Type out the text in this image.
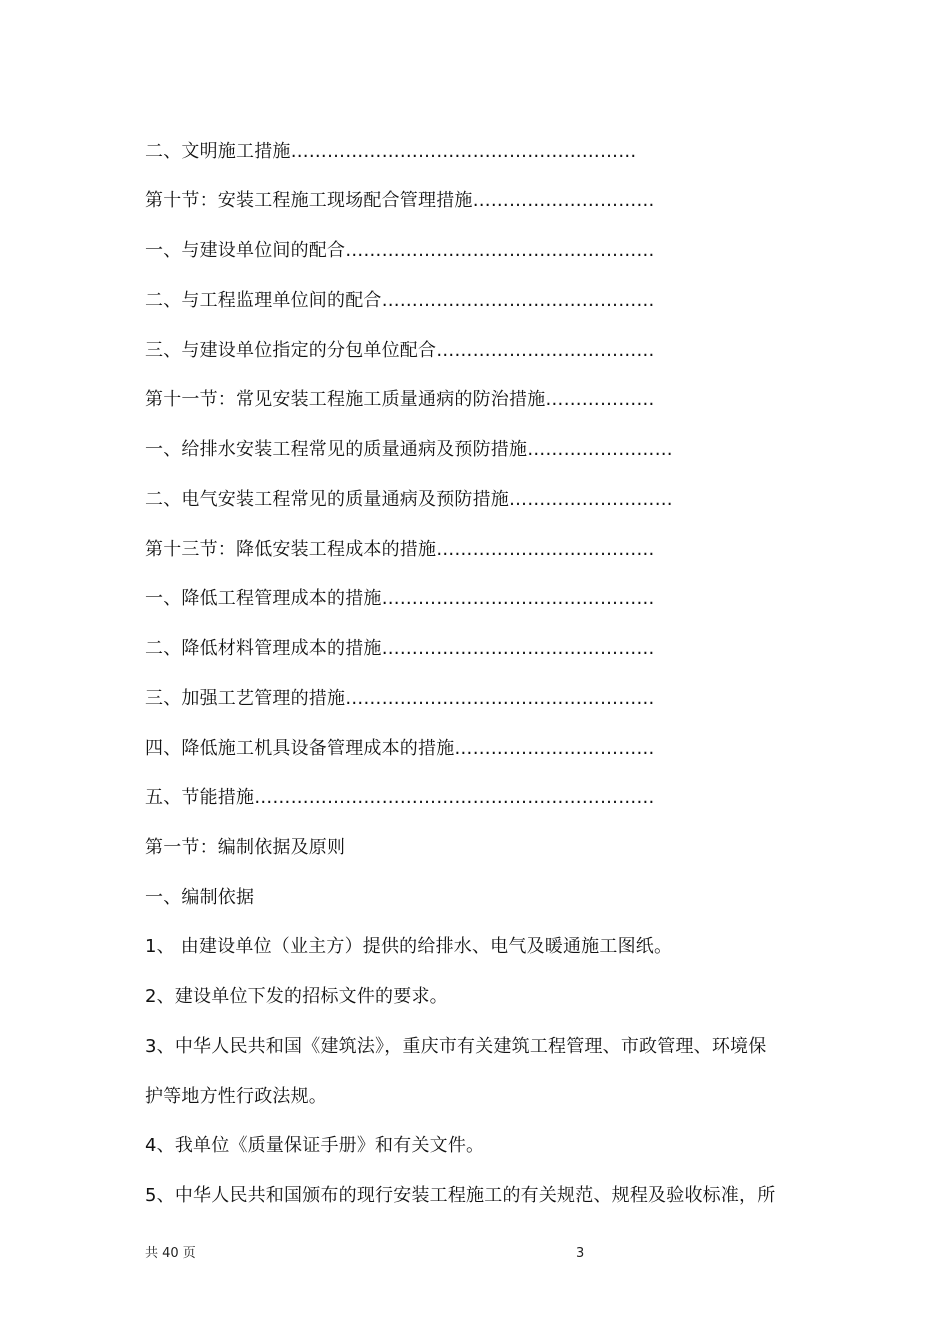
二、文明施工措施…………………………………………………
第十节：安装工程施工现场配合管理措施…………………………
一、与建设单位间的配合……………………………………………
二、与工程监理单位间的配合………………………………………
三、与建设单位指定的分包单位配合………………………………
第十一节：常见安装工程施工质量通病的防治措施………………
一、给排水安装工程常见的质量通病及预防措施……………………
二、电气安装工程常见的质量通病及预防措施………………………
第十三节：降低安装工程成本的措施………………………………
一、降低工程管理成本的措施………………………………………
二、降低材料管理成本的措施………………………………………
三、加强工艺管理的措施……………………………………………
四、降低施工机具设备管理成本的措施……………………………
五、节能措施…………………………………………………………
第一节：编制依据及原则
一、编制依据
1、 由建设单位（业主方）提供的给排水、电气及暖通施工图纸。
2、建设单位下发的招标文件的要求。
3、中华人民共和国《建筑法》，重庆市有关建筑工程管理、市政管理、环境保
护等地方性行政法规。
4、我单位《质量保证手册》和有关文件。
5、中华人民共和国颁布的现行安装工程施工的有关规范、规程及验收标准，所
共 40 页	3
